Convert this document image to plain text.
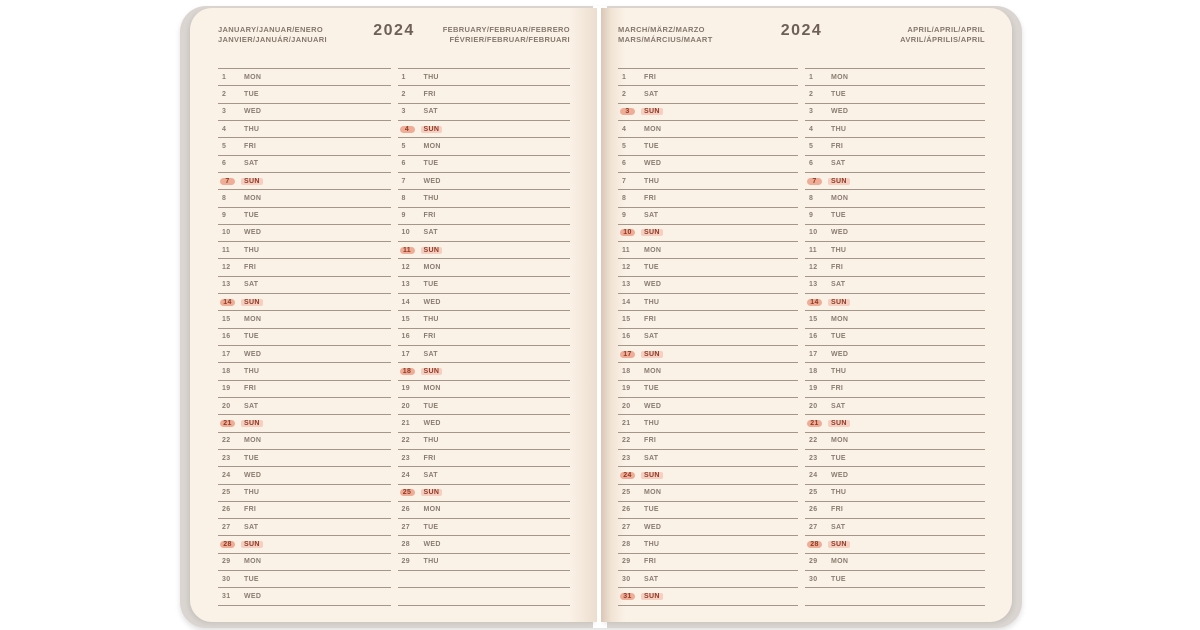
JANUARY/JANUAR/ENERO
JANVIER/JANUÁR/JANUARI
2024	FEBRUARY/FEBRUAR/FEBRERO
FÉVRIER/FEBRUAR/FEBRUARI
1	MON
2	TUE
3	WED
4	THU
5	FRI
6	SAT
7	SUN
8	MON
9	TUE
10	WED
11	THU
12	FRI
13	SAT
14	SUN
15	MON
16	TUE
17	WED
18	THU
19	FRI
20	SAT
21	SUN
22	MON
23	TUE
24	WED
25	THU
26	FRI
27	SAT
28	SUN
29	MON
30	TUE
31	WED
1	THU
2	FRI
3	SAT
4	SUN
5	MON
6	TUE
7	WED
8	THU
9	FRI
10	SAT
11	SUN
12	MON
13	TUE
14	WED
15	THU
16	FRI
17	SAT
18	SUN
19	MON
20	TUE
21	WED
22	THU
23	FRI
24	SAT
25	SUN
26	MON
27	TUE
28	WED
29	THU
MARCH/MÄRZ/MARZO
MARS/MÁRCIUS/MAART
2024	APRIL/APRIL/APRIL
AVRIL/ÁPRILIS/APRIL
1	FRI
2	SAT
3	SUN
4	MON
5	TUE
6	WED
7	THU
8	FRI
9	SAT
10	SUN
11	MON
12	TUE
13	WED
14	THU
15	FRI
16	SAT
17	SUN
18	MON
19	TUE
20	WED
21	THU
22	FRI
23	SAT
24	SUN
25	MON
26	TUE
27	WED
28	THU
29	FRI
30	SAT
31	SUN
1	MON
2	TUE
3	WED
4	THU
5	FRI
6	SAT
7	SUN
8	MON
9	TUE
10	WED
11	THU
12	FRI
13	SAT
14	SUN
15	MON
16	TUE
17	WED
18	THU
19	FRI
20	SAT
21	SUN
22	MON
23	TUE
24	WED
25	THU
26	FRI
27	SAT
28	SUN
29	MON
30	TUE
